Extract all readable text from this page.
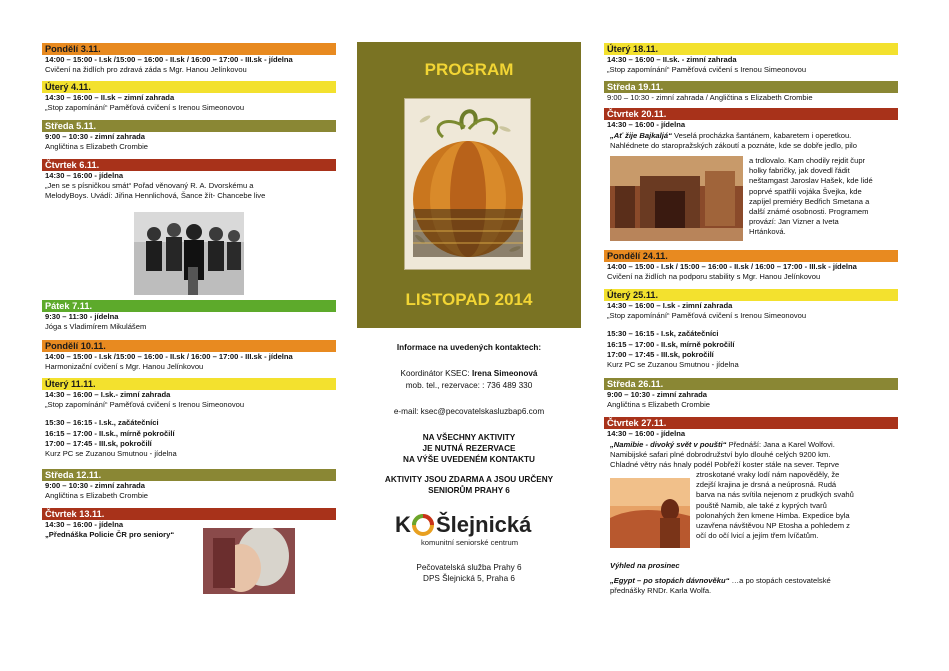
Pondělí 3.11.
14:00 – 15:00 - I.sk /15:00 – 16:00 - II.sk / 16:00 – 17:00 - III.sk - jídelna
Cvičení na židlích pro zdravá záda s Mgr. Hanou Jelínkovou
Úterý 4.11.
14:30 – 16:00 – II.sk – zimní zahrada
„Stop zapomínání“ Paměťová cvičení s Irenou Simeonovou
Středa 5.11.
9:00 – 10:30 - zimní zahrada
Angličtina s Elizabeth Crombie
Čtvrtek 6.11.
14:30 – 16:00 - jídelna
„Jen se s písničkou smát“ Pořad věnovaný R. A. Dvorskému a
MelodyBoys. Uvádí: Jiřina Hennlichová, Šance žít- Chancebe live
Pátek 7.11.
9:30 – 11:30 - jídelna
Jóga s Vladimírem Mikulášem
Pondělí 10.11.
14:00 – 15:00 - I.sk /15:00 – 16:00 - II.sk / 16:00 – 17:00 - III.sk - jídelna
Harmonizační cvičení s Mgr. Hanou Jelínkovou
Úterý 11.11.
14:30 – 16:00 – I.sk.- zimní zahrada
„Stop zapomínání“ Paměťová cvičení s Irenou Simeonovou
15:30 – 16:15 - I.sk., začátečníci
16:15 – 17:00 - II.sk., mírně pokročilí
17:00 – 17:45 - III.sk, pokročilí
Kurz PC se Zuzanou Smutnou - jídelna
Středa 12.11.
9:00 – 10:30 - zimní zahrada
Angličtina s Elizabeth Crombie
Čtvrtek 13.11.
14:30 – 16:00 - jídelna
„Přednáška Policie ČR pro seniory“
PROGRAM
LISTOPAD 2014
Informace na uvedených kontaktech:
Koordinátor KSEC: Irena Simeonová
mob. tel., rezervace: : 736 489 330
e-mail: ksec@pecovatelskasluzbap6.com
NA VŠECHNY AKTIVITY
JE NUTNÁ REZERVACE
NA VÝŠE UVEDENÉM KONTAKTU
AKTIVITY JSOU ZDARMA A JSOU URČENY
SENIORŮM PRAHY 6
K Šlejnická
komunitní seniorské centrum
Pečovatelská služba Prahy 6
DPS Šlejnická 5, Praha 6
Úterý 18.11.
14:30 – 16:00 – II.sk. - zimní zahrada
„Stop zapomínání“ Paměťová cvičení s Irenou Simeonovou
Středa 19.11.
9:00 – 10:30 - zimní zahrada / Angličtina s Elizabeth Crombie
Čtvrtek 20.11.
14:30 – 16:00 - jídelna
Pondělí 24.11.
14:00 – 15:00 - I.sk / 15:00 – 16:00 - II.sk / 16:00 – 17:00 - III.sk - jídelna
Cvičení na židlích na podporu stability s Mgr. Hanou Jelínkovou
Úterý 25.11.
14:30 – 16:00 – I.sk - zimní zahrada
„Stop zapomínání“ Paměťová cvičení s Irenou Simeonovou
15:30 – 16:15 - I.sk, začátečníci
16:15 – 17:00 - II.sk, mírně pokročilí
17:00 – 17:45 - III.sk, pokročilí
Kurz PC se Zuzanou Smutnou - jídelna
Středa 26.11.
9:00 – 10:30 - zimní zahrada
Angličtina s Elizabeth Crombie
Čtvrtek 27.11.
14:30 – 16:00 - jídelna
„Ať žije Bajkaljá“ Veselá procházka šantánem, kabaretem i operetkou.
Nahlédnete do staropražských zákoutí a poznáte, kde se dobře jedlo, pilo
a trdlovalo. Kam chodily rejdit čupr
holky fabričky, jak dovedl řádit
neštamgast Jaroslav Hašek, kde lidé
poprvé spatřili vojáka Švejka, kde
zapíjel premiéry Bedřich Smetana a
další známé osobnosti. Programem
provází: Jan Vizner a Iveta
Hrtánková.
„Namibie - divoký svět v poušti“ Přednáší: Jana a Karel Wolfovi.
Namibijské safari plné dobrodružství bylo dlouhé celých 9200 km.
Chladné větry nás hnaly podél Pobřeží koster stále na sever. Teprve
ztroskotané vraky lodí nám napověděly, že
zdejší krajina je drsná a neúprosná. Rudá
barva na nás svítila nejenom z prudkých svahů
pouště Namib, ale také z kyprých tvarů
polonahých žen kmene Himba. Expedice byla
uzavřena návštěvou NP Etosha a pohledem z
očí do očí lvicí a jejím třem lvíčatům.
Výhled na prosinec
„Egypt – po stopách dávnověku“ …a po stopách cestovatelské
přednášky RNDr. Karla Wolfa.
